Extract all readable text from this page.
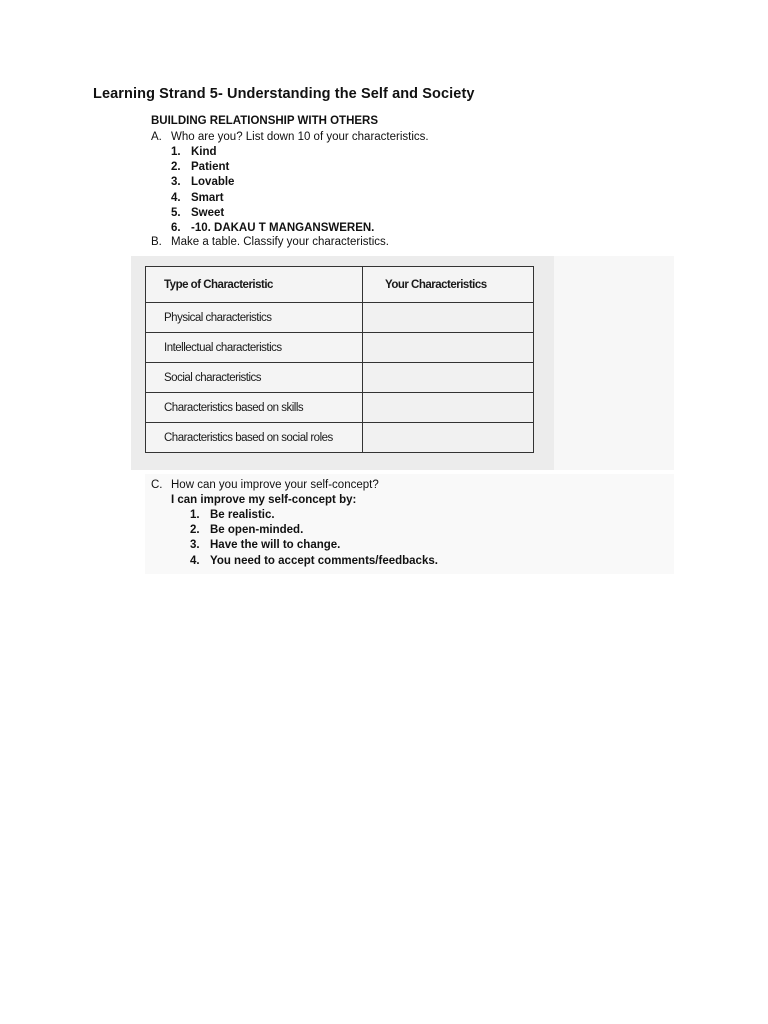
Learning Strand 5- Understanding the Self and Society
BUILDING RELATIONSHIP WITH OTHERS
A. Who are you? List down 10 of your characteristics.
1. Kind
2. Patient
3. Lovable
4. Smart
5. Sweet
6. -10. DAKAU T MANGANSWEREN.
B. Make a table. Classify your characteristics.
Type of Characteristic	Your Characteristics
Physical characteristics	
Intellectual characteristics	
Social characteristics	
Characteristics based on skills	
Characteristics based on social roles	
C. How can you improve your self-concept?
I can improve my self-concept by:
1. Be realistic.
2. Be open-minded.
3. Have the will to change.
4. You need to accept comments/feedbacks.
